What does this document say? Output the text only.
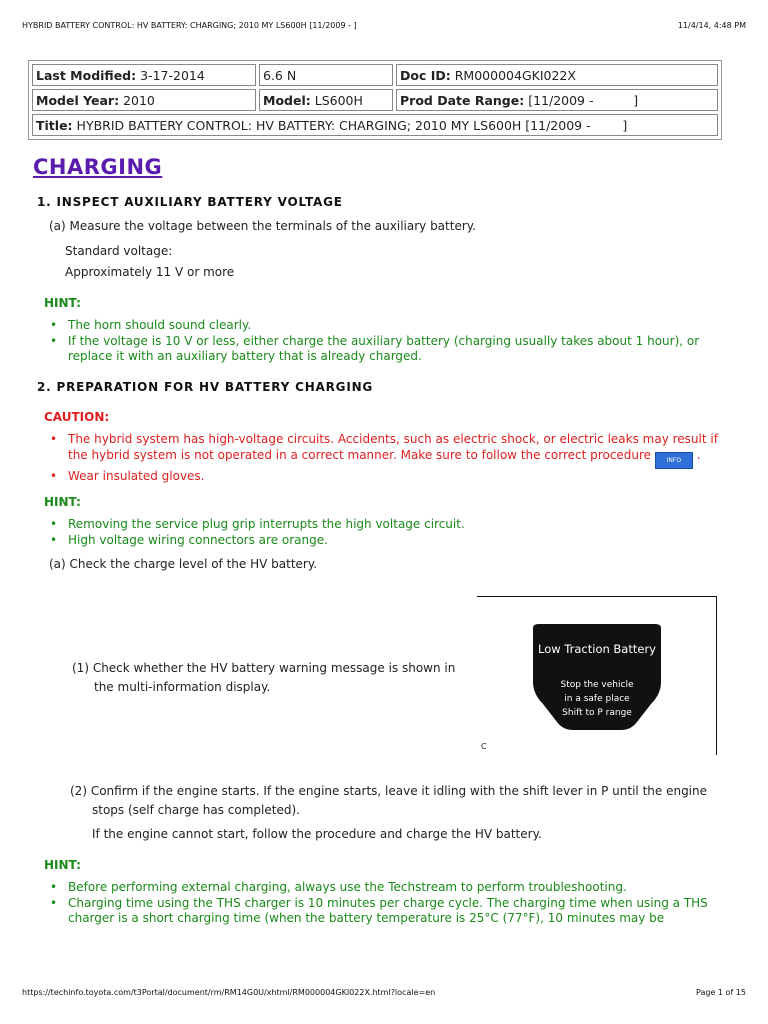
HYBRID BATTERY CONTROL: HV BATTERY: CHARGING; 2010 MY LS600H [11/2009 - ]	11/4/14, 4:48 PM
Last Modified: 3-17-2014	6.6 N	Doc ID: RM000004GKI022X
Model Year: 2010	Model: LS600H	Prod Date Range: [11/2009 -          ]
Title: HYBRID BATTERY CONTROL: HV BATTERY: CHARGING; 2010 MY LS600H [11/2009 -        ]		
CHARGING
1. INSPECT AUXILIARY BATTERY VOLTAGE
(a) Measure the voltage between the terminals of the auxiliary battery.
Standard voltage:
Approximately 11 V or more
HINT:
• The horn should sound clearly.
• If the voltage is 10 V or less, either charge the auxiliary battery (charging usually takes about 1 hour), or replace it with an auxiliary battery that is already charged.
2. PREPARATION FOR HV BATTERY CHARGING
CAUTION:
• The hybrid system has high-voltage circuits. Accidents, such as electric shock, or electric leaks may result if the hybrid system is not operated in a correct manner. Make sure to follow the correct procedure	INFO .
• Wear insulated gloves.
HINT:
• Removing the service plug grip interrupts the high voltage circuit.
• High voltage wiring connectors are orange.
(a) Check the charge level of the HV battery.
(1) Check whether the HV battery warning message is shown in
the multi-information display.
Low Traction Battery
Stop the vehicle
in a safe place
Shift to P range
C
(2) Confirm if the engine starts. If the engine starts, leave it idling with the shift lever in P until the engine
stops (self charge has completed).
If the engine cannot start, follow the procedure and charge the HV battery.
HINT:
• Before performing external charging, always use the Techstream to perform troubleshooting.
• Charging time using the THS charger is 10 minutes per charge cycle. The charging time when using a THS
charger is a short charging time (when the battery temperature is 25°C (77°F), 10 minutes may be
https://techinfo.toyota.com/t3Portal/document/rm/RM14G0U/xhtml/RM000004GKI022X.html?locale=en	Page 1 of 15
